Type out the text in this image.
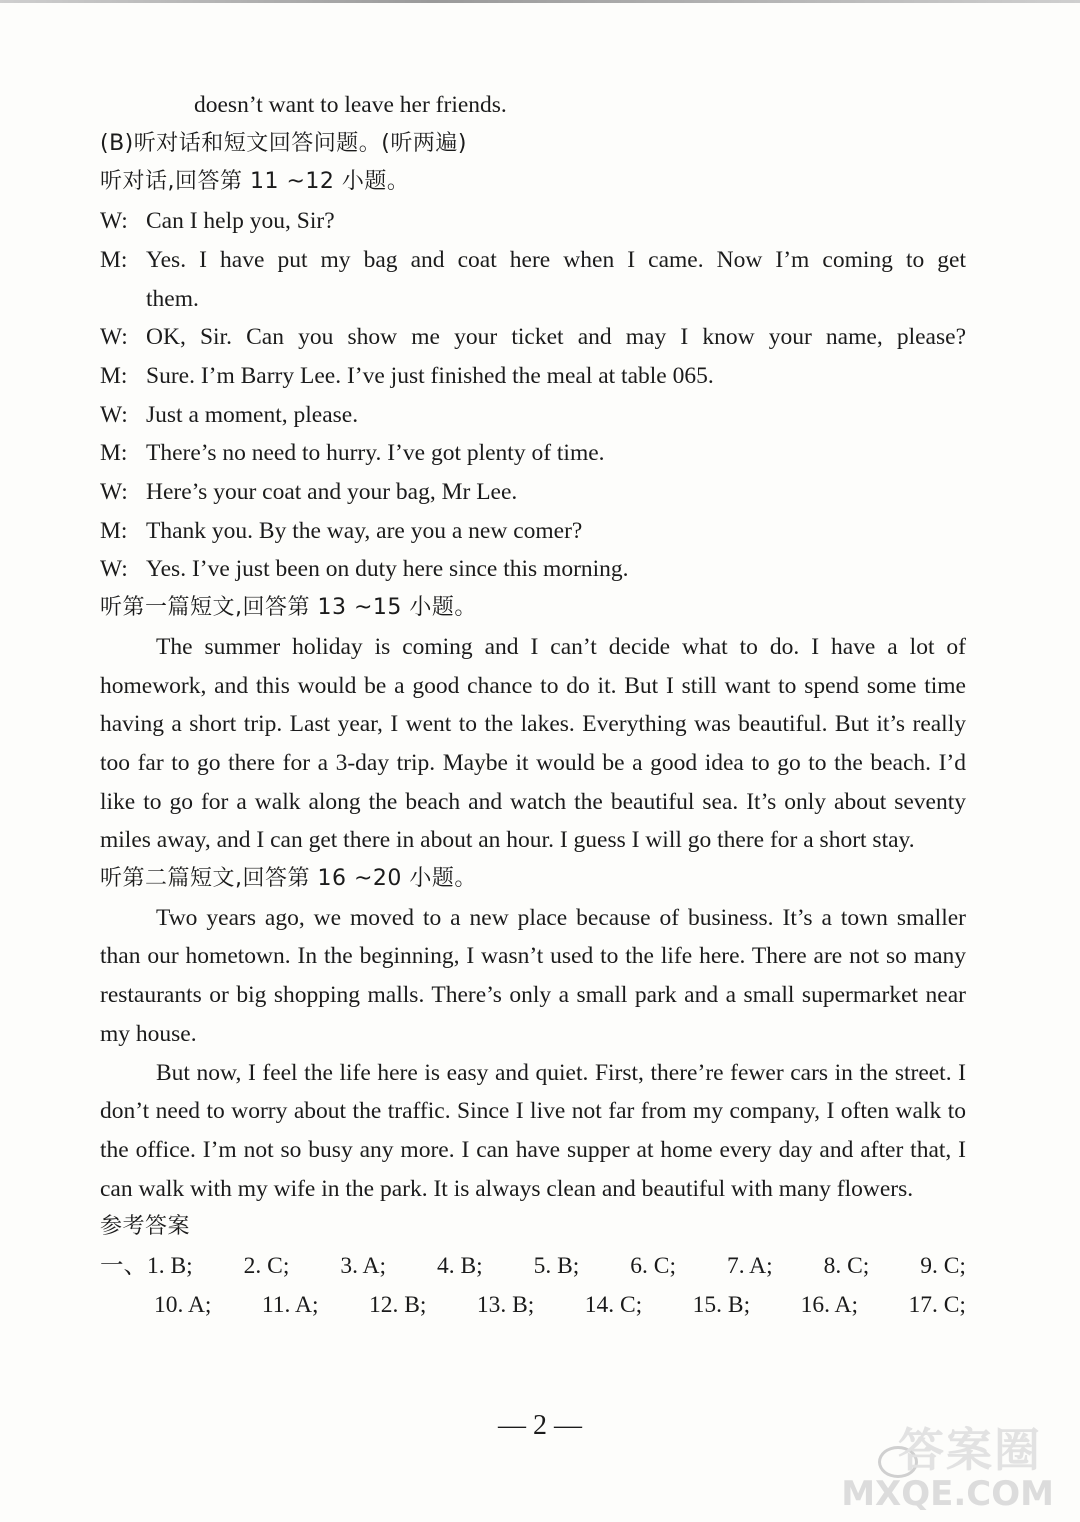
doesn’t want to leave her friends.
(B)听对话和短文回答问题。(听两遍)
听对话,回答第 11 ~12 小题。
W: Can I help you, Sir?
M: Yes. I have put my bag and coat here when I came. Now I’m coming to get
them.
W: OK, Sir. Can you show me your ticket and may I know your name, please?
M: Sure. I’m Barry Lee. I’ve just finished the meal at table 065.
W: Just a moment, please.
M: There’s no need to hurry. I’ve got plenty of time.
W: Here’s your coat and your bag, Mr Lee.
M: Thank you. By the way, are you a new comer?
W: Yes. I’ve just been on duty here since this morning.
听第一篇短文,回答第 13 ~15 小题。
The summer holiday is coming and I can’t decide what to do. I have a lot of homework, and this would be a good chance to do it. But I still want to spend some time having a short trip. Last year, I went to the lakes. Everything was beautiful. But it’s really too far to go there for a 3-day trip. Maybe it would be a good idea to go to the beach. I’d like to go for a walk along the beach and watch the beautiful sea. It’s only about seventy miles away, and I can get there in about an hour. I guess I will go there for a short stay.
听第二篇短文,回答第 16 ~20 小题。
Two years ago, we moved to a new place because of business. It’s a town smaller than our hometown. In the beginning, I wasn’t used to the life here. There are not so many restaurants or big shopping malls. There’s only a small park and a small supermarket near my house.
But now, I feel the life here is easy and quiet. First, there’re fewer cars in the street. I don’t need to worry about the traffic. Since I live not far from my company, I often walk to the office. I’m not so busy any more. I can have supper at home every day and after that, I can walk with my wife in the park. It is always clean and beautiful with many flowers.
参考答案
一、1. B; 2. C; 3. A; 4. B; 5. B; 6. C; 7. A; 8. C; 9. C;
10. A; 11. A; 12. B; 13. B; 14. C; 15. B; 16. A; 17. C;
— 2 —	答案圈
MXQE.COM
